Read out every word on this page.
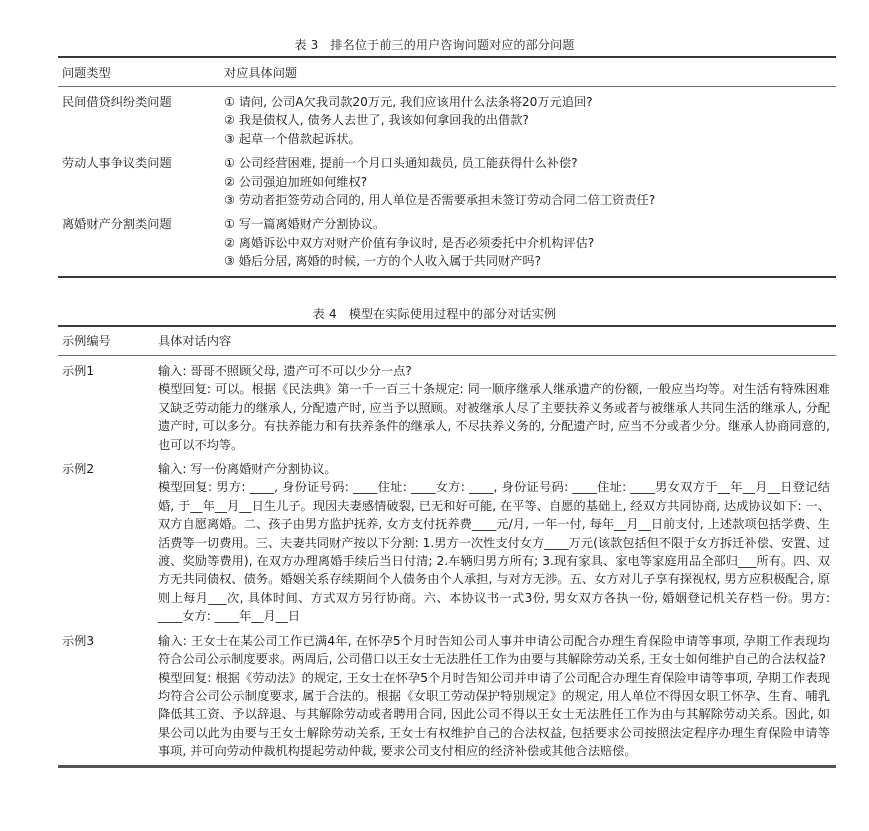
表 3 排名位于前三的用户咨询问题对应的部分问题
问题类型	对应具体问题
民间借贷纠纷类问题	① 请问, 公司A欠我司款20万元, 我们应该用什么法条将20万元追回?
② 我是债权人, 债务人去世了, 我该如何拿回我的出借款?
③ 起草一个借款起诉状。
劳动人事争议类问题	① 公司经营困难, 提前一个月口头通知裁员, 员工能获得什么补偿?
② 公司强迫加班如何维权?
③ 劳动者拒签劳动合同的, 用人单位是否需要承担未签订劳动合同二倍工资责任?
离婚财产分割类问题	① 写一篇离婚财产分割协议。
② 离婚诉讼中双方对财产价值有争议时, 是否必须委托中介机构评估?
③ 婚后分居, 离婚的时候, 一方的个人收入属于共同财产吗?
表 4 模型在实际使用过程中的部分对话实例
示例编号	具体对话内容
示例1	输入: 哥哥不照顾父母, 遗产可不可以少分一点?
模型回复: 可以。根据《民法典》第一千一百三十条规定: 同一顺序继承人继承遗产的份额, 一般应当均等。对生活有特殊困难又缺乏劳动能力的继承人, 分配遗产时, 应当予以照顾。对被继承人尽了主要扶养义务或者与被继承人共同生活的继承人, 分配遗产时, 可以多分。有扶养能力和有扶养条件的继承人, 不尽扶养义务的, 分配遗产时, 应当不分或者少分。继承人协商同意的, 也可以不均等。
示例2	输入: 写一份离婚财产分割协议。
模型回复: 男方: ____, 身份证号码: ____住址: ____女方: ____, 身份证号码: ____住址: ____男女双方于__年__月__日登记结婚, 于__年__月__日生儿子。现因夫妻感情破裂, 已无和好可能, 在平等、自愿的基础上, 经双方共同协商, 达成协议如下: 一、双方自愿离婚。二、孩子由男方监护抚养, 女方支付抚养费____元/月, 一年一付, 每年__月__日前支付, 上述款项包括学费、生活费等一切费用。三、夫妻共同财产按以下分割: 1.男方一次性支付女方____万元(该款包括但不限于女方拆迁补偿、安置、过渡、奖励等费用), 在双方办理离婚手续后当日付清; 2.车辆归男方所有; 3.现有家具、家电等家庭用品全部归___所有。四、双方无共同债权、债务。婚姻关系存续期间个人债务由个人承担, 与对方无涉。五、女方对儿子享有探视权, 男方应积极配合, 原则上每月___次, 具体时间、方式双方另行协商。六、本协议书一式3份, 男女双方各执一份, 婚姻登记机关存档一份。男方: ____女方: ____年__月__日
示例3	输入: 王女士在某公司工作已满4年, 在怀孕5个月时告知公司人事并申请公司配合办理生育保险申请等事项, 孕期工作表现均符合公司公示制度要求。两周后, 公司借口以王女士无法胜任工作为由要与其解除劳动关系, 王女士如何维护自己的合法权益?
模型回复: 根据《劳动法》的规定, 王女士在怀孕5个月时告知公司并申请了公司配合办理生育保险申请等事项, 孕期工作表现均符合公司公示制度要求, 属于合法的。根据《女职工劳动保护特别规定》的规定, 用人单位不得因女职工怀孕、生育、哺乳降低其工资、予以辞退、与其解除劳动或者聘用合同, 因此公司不得以王女士无法胜任工作为由与其解除劳动关系。因此, 如果公司以此为由要与王女士解除劳动关系, 王女士有权维护自己的合法权益, 包括要求公司按照法定程序办理生育保险申请等事项, 并可向劳动仲裁机构提起劳动仲裁, 要求公司支付相应的经济补偿或其他合法赔偿。
